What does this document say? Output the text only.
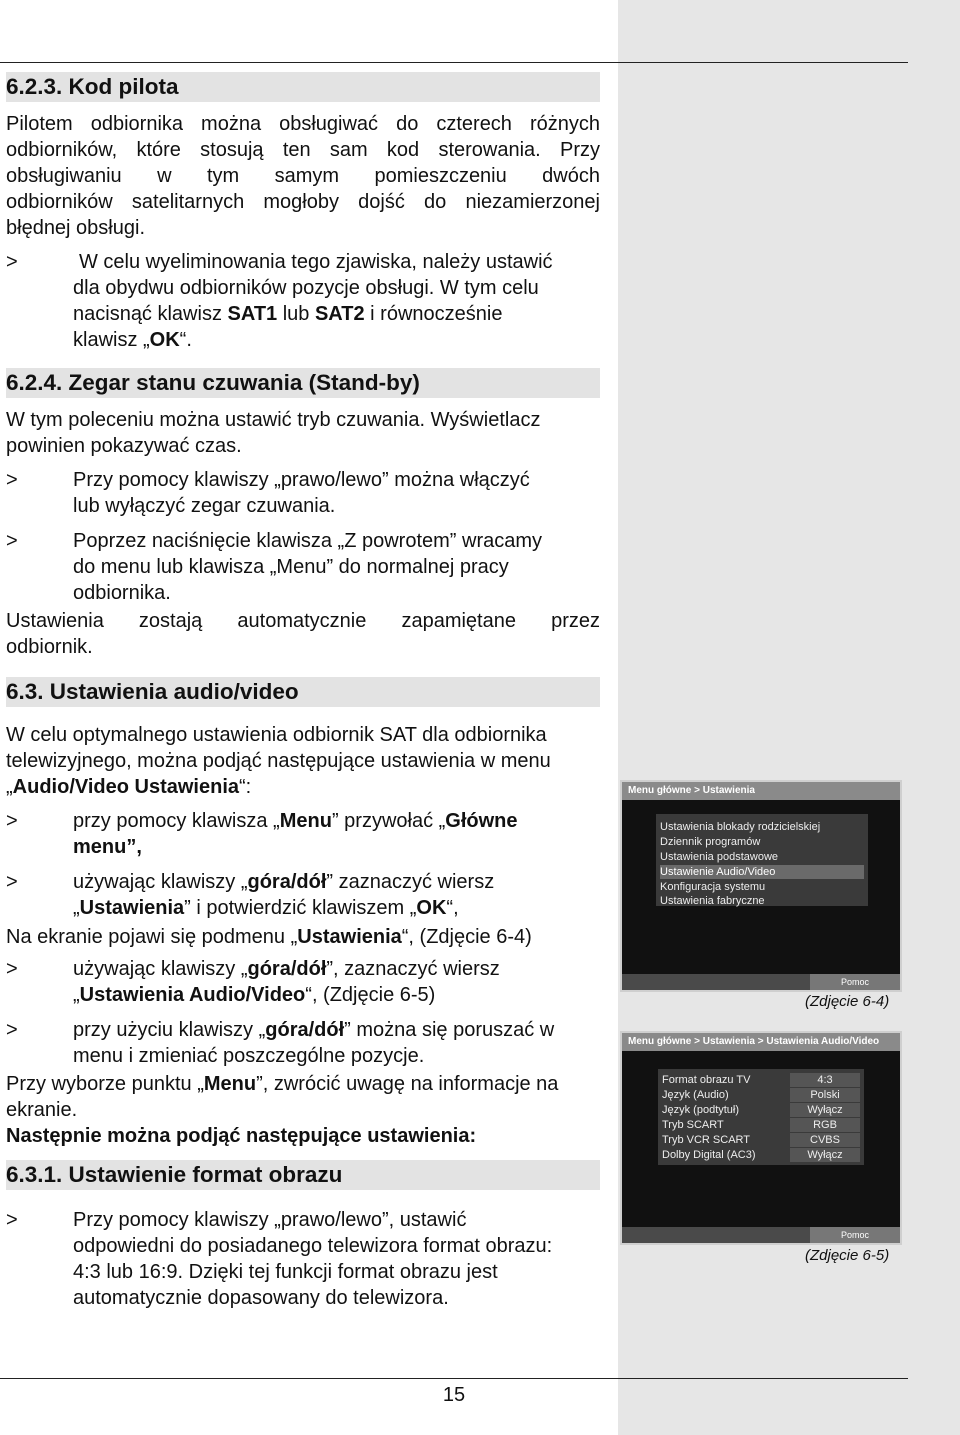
6.2.3. Kod pilota
Pilotem odbiornika można obsługiwać do czterech różnych
odbiorników, które stosują ten sam kod sterowania. Przy
obsługiwaniu w tym samym pomieszczeniu dwóch
odbiorników satelitarnych mogłoby dojść do niezamierzonej
błędnej obsługi.
>	W celu wyeliminowania tego zjawiska, należy ustawić
dla obydwu odbiorników pozycje obsługi. W tym celu
nacisnąć klawisz SAT1 lub SAT2 i równocześnie
klawisz „OK“.
6.2.4. Zegar stanu czuwania (Stand-by)
W tym poleceniu można ustawić tryb czuwania. Wyświetlacz
powinien pokazywać czas.
>	Przy pomocy klawiszy „prawo/lewo” można włączyć
lub wyłączyć zegar czuwania.
>	Poprzez naciśnięcie klawisza „Z powrotem” wracamy
do menu lub klawisza „Menu” do normalnej pracy
odbiornika.
Ustawienia zostają automatycznie zapamiętane przez
odbiornik.
6.3. Ustawienia audio/video
W celu optymalnego ustawienia odbiornik SAT dla odbiornika
telewizyjnego, można podjąć następujące ustawienia w menu
„Audio/Video Ustawienia“:
>	przy pomocy klawisza „Menu” przywołać „Główne
menu”,
>	używając klawiszy „góra/dół” zaznaczyć wiersz
„Ustawienia” i potwierdzić klawiszem „OK“,
Na ekranie pojawi się podmenu „Ustawienia“, (Zdjęcie 6-4)
>	używając klawiszy „góra/dół”, zaznaczyć wiersz
„Ustawienia Audio/Video“, (Zdjęcie 6-5)
>	przy użyciu klawiszy „góra/dół” można się poruszać w
menu i zmieniać poszczególne pozycje.
Przy wyborze punktu „Menu”, zwrócić uwagę na informacje na
ekranie.
Następnie można podjąć następujące ustawienia:
6.3.1. Ustawienie format obrazu
>	Przy pomocy klawiszy „prawo/lewo”, ustawić
odpowiedni do posiadanego telewizora format obrazu:
4:3 lub 16:9. Dzięki tej funkcji format obrazu jest
automatycznie dopasowany do telewizora.
Menu główne > Ustawienia
Ustawienia blokady rodzicielskiej
Dziennik programów
Ustawienia podstawowe
Ustawienie Audio/Video
Konfiguracja systemu
Ustawienia fabryczne
Pomoc
(Zdjęcie 6-4)
Menu główne > Ustawienia > Ustawienia Audio/Video
Format obrazu TV	4:3
Język (Audio)	Polski
Język (podtytuł)	Wyłącz
Tryb SCART	RGB
Tryb VCR SCART	CVBS
Dolby Digital (AC3)	Wyłącz
Pomoc
(Zdjęcie 6-5)
15
